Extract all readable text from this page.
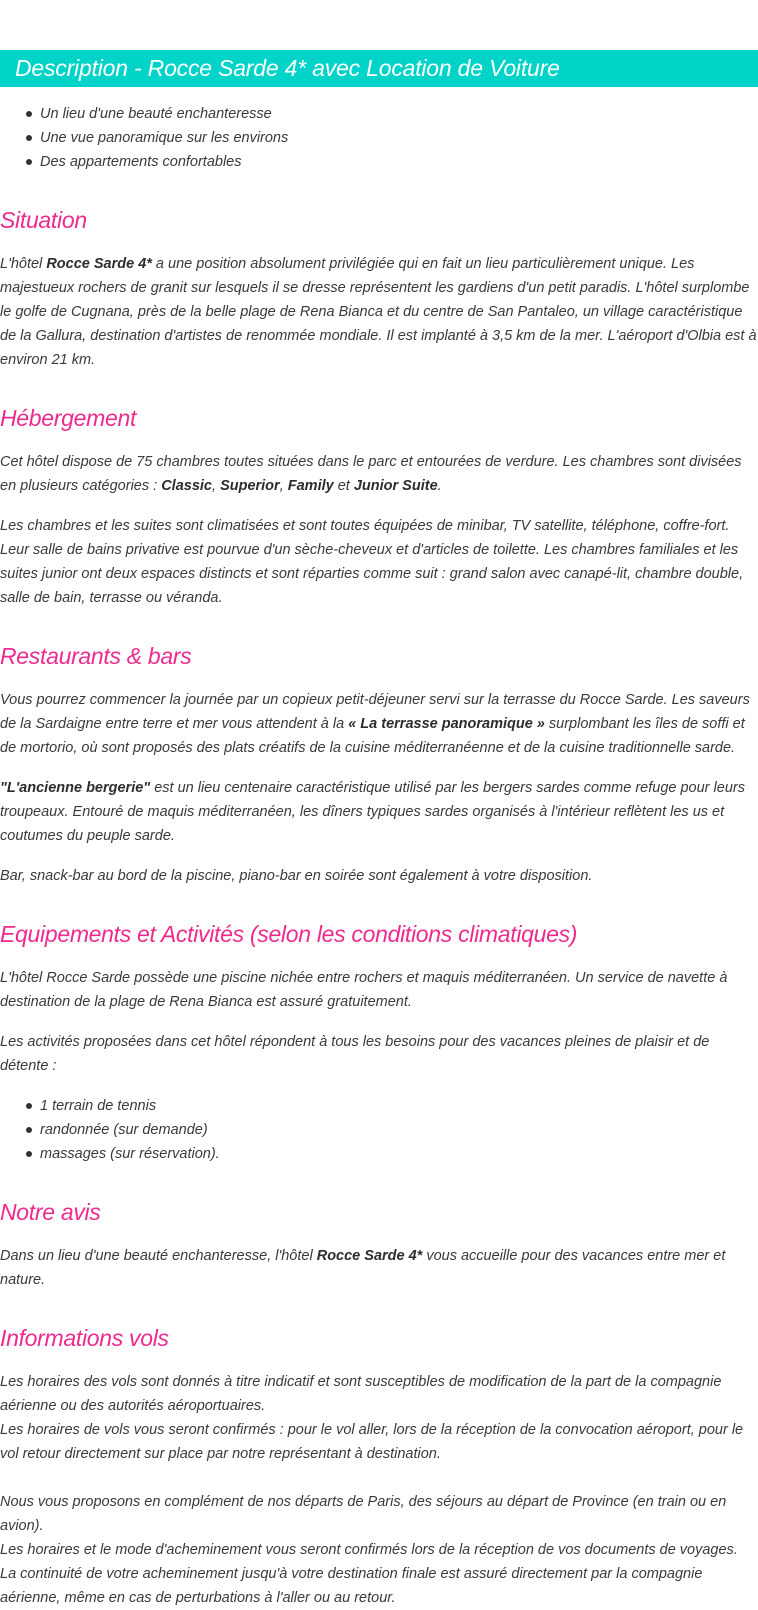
Description - Rocce Sarde 4* avec Location de Voiture
Un lieu d'une beauté enchanteresse
Une vue panoramique sur les environs
Des appartements confortables
Situation

L'hôtel Rocce Sarde 4* a une position absolument privilégiée qui en fait un lieu particulièrement unique. Les majestueux rochers de granit sur lesquels il se dresse représentent les gardiens d'un petit paradis. L'hôtel surplombe le golfe de Cugnana, près de la belle plage de Rena Bianca et du centre de San Pantaleo, un village caractéristique de la Gallura, destination d'artistes de renommée mondiale. Il est implanté à 3,5 km de la mer. L'aéroport d'Olbia est à environ 21 km.

Hébergement

Cet hôtel dispose de 75 chambres toutes situées dans le parc et entourées de verdure. Les chambres sont divisées en plusieurs catégories : Classic, Superior, Family et Junior Suite.

Les chambres et les suites sont climatisées et sont toutes équipées de minibar, TV satellite, téléphone, coffre-fort. Leur salle de bains privative est pourvue d'un sèche-cheveux et d'articles de toilette. Les chambres familiales et les suites junior ont deux espaces distincts et sont réparties comme suit : grand salon avec canapé-lit, chambre double, salle de bain, terrasse ou véranda.

Restaurants & bars

Vous pourrez commencer la journée par un copieux petit-déjeuner servi sur la terrasse du Rocce Sarde. Les saveurs de la Sardaigne entre terre et mer vous attendent à la « La terrasse panoramique » surplombant les îles de soffi et de mortorio, où sont proposés des plats créatifs de la cuisine méditerranéenne et de la cuisine traditionnelle sarde.

"L'ancienne bergerie" est un lieu centenaire caractéristique utilisé par les bergers sardes comme refuge pour leurs troupeaux. Entouré de maquis méditerranéen, les dîners typiques sardes organisés à l'intérieur reflètent les us et coutumes du peuple sarde.

Bar, snack-bar au bord de la piscine, piano-bar en soirée sont également à votre disposition.

Equipements et Activités (selon les conditions climatiques)

L'hôtel Rocce Sarde possède une piscine nichée entre rochers et maquis méditerranéen. Un service de navette à destination de la plage de Rena Bianca est assuré gratuitement.

Les activités proposées dans cet hôtel répondent à tous les besoins pour des vacances pleines de plaisir et de détente :

1 terrain de tennis
randonnée (sur demande)
massages (sur réservation).
Notre avis

Dans un lieu d'une beauté enchanteresse, l'hôtel Rocce Sarde 4* vous accueille pour des vacances entre mer et nature.

Informations vols

Les horaires des vols sont donnés à titre indicatif et sont susceptibles de modification de la part de la compagnie aérienne ou des autorités aéroportuaires.

Les horaires de vols vous seront confirmés : pour le vol aller, lors de la réception de la convocation aéroport, pour le vol retour directement sur place par notre représentant à destination.

Nous vous proposons en complément de nos départs de Paris, des séjours au départ de Province (en train ou en avion).

Les horaires et le mode d'acheminement vous seront confirmés lors de la réception de vos documents de voyages.

La continuité de votre acheminement jusqu'à votre destination finale est assuré directement par la compagnie aérienne, même en cas de perturbations à l'aller ou au retour.
